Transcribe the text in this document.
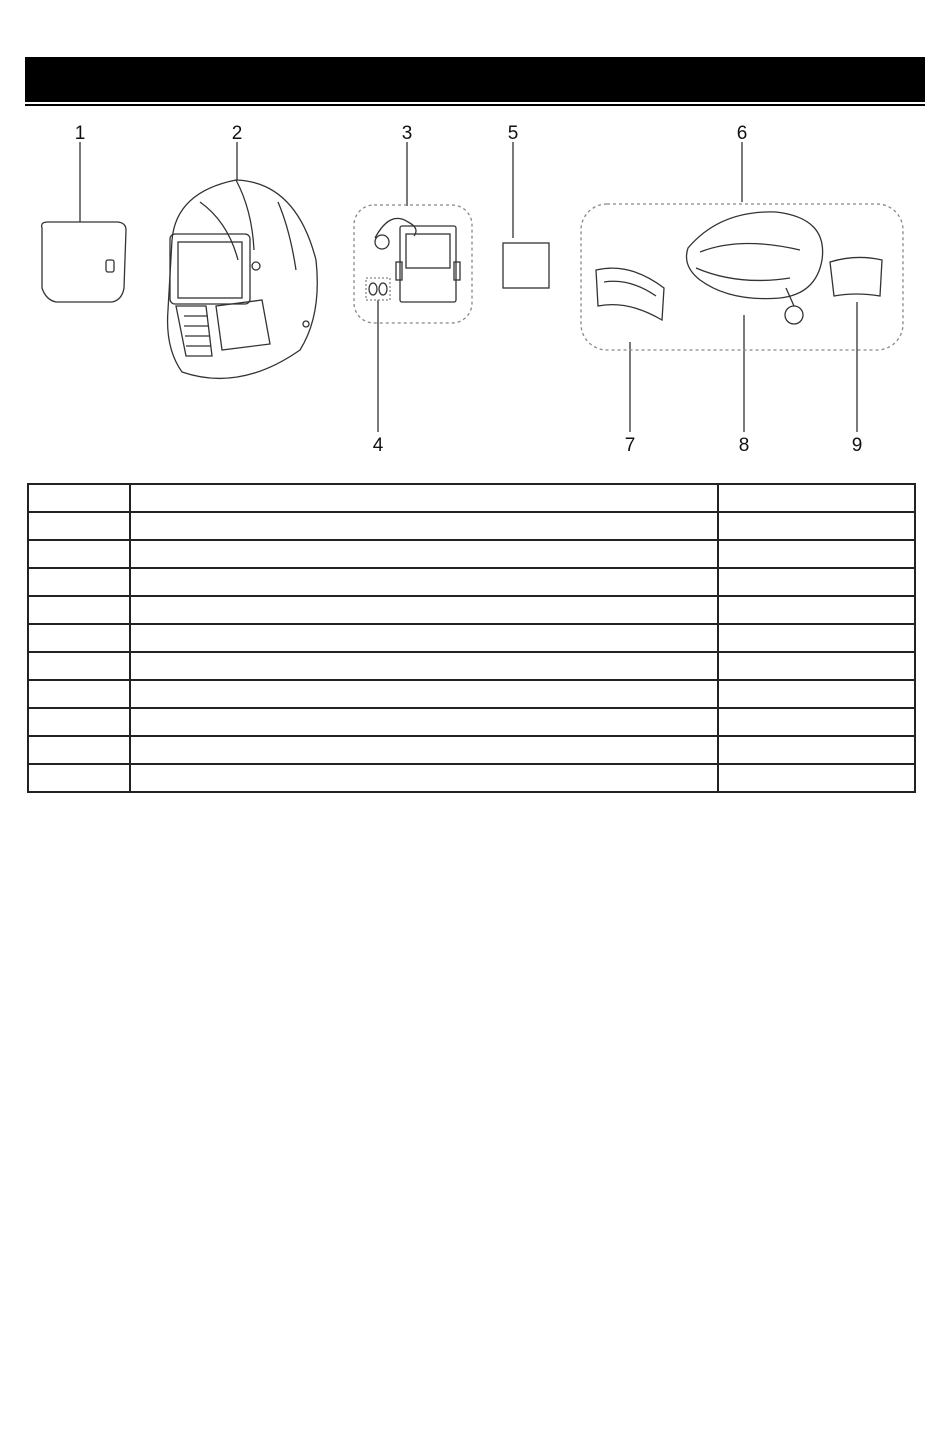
1	2	3
4
5	6
7	8	9
